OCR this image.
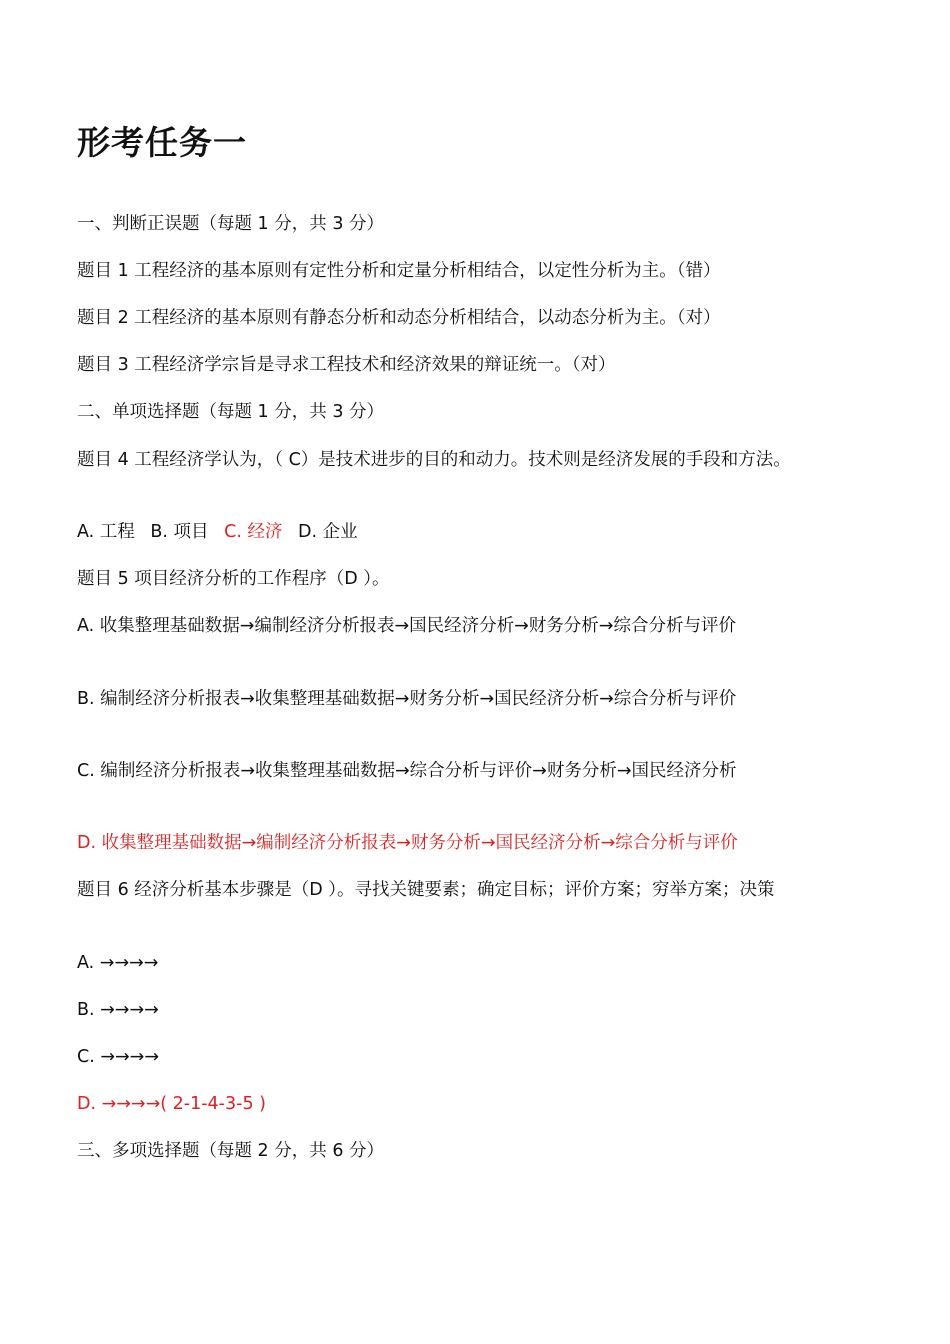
形考任务一
一、判断正误题（每题 1 分，共 3 分）
题目 1 工程经济的基本原则有定性分析和定量分析相结合，以定性分析为主。（错）
题目 2 工程经济的基本原则有静态分析和动态分析相结合，以动态分析为主。（对）
题目 3 工程经济学宗旨是寻求工程技术和经济效果的辩证统一。（对）
二、单项选择题（每题 1 分，共 3 分）
题目 4 工程经济学认为，（ C）是技术进步的目的和动力。技术则是经济发展的手段和方法。
A. 工程 B. 项目 C. 经济 D. 企业
题目 5 项目经济分析的工作程序（D ）。
A. 收集整理基础数据→编制经济分析报表→国民经济分析→财务分析→综合分析与评价
B. 编制经济分析报表→收集整理基础数据→财务分析→国民经济分析→综合分析与评价
C. 编制经济分析报表→收集整理基础数据→综合分析与评价→财务分析→国民经济分析
D. 收集整理基础数据→编制经济分析报表→财务分析→国民经济分析→综合分析与评价
题目 6 经济分析基本步骤是（D ）。寻找关键要素；确定目标；评价方案；穷举方案；决策
A. →→→→
B. →→→→
C. →→→→
D. →→→→( 2-1-4-3-5 )
三、多项选择题（每题 2 分，共 6 分）
